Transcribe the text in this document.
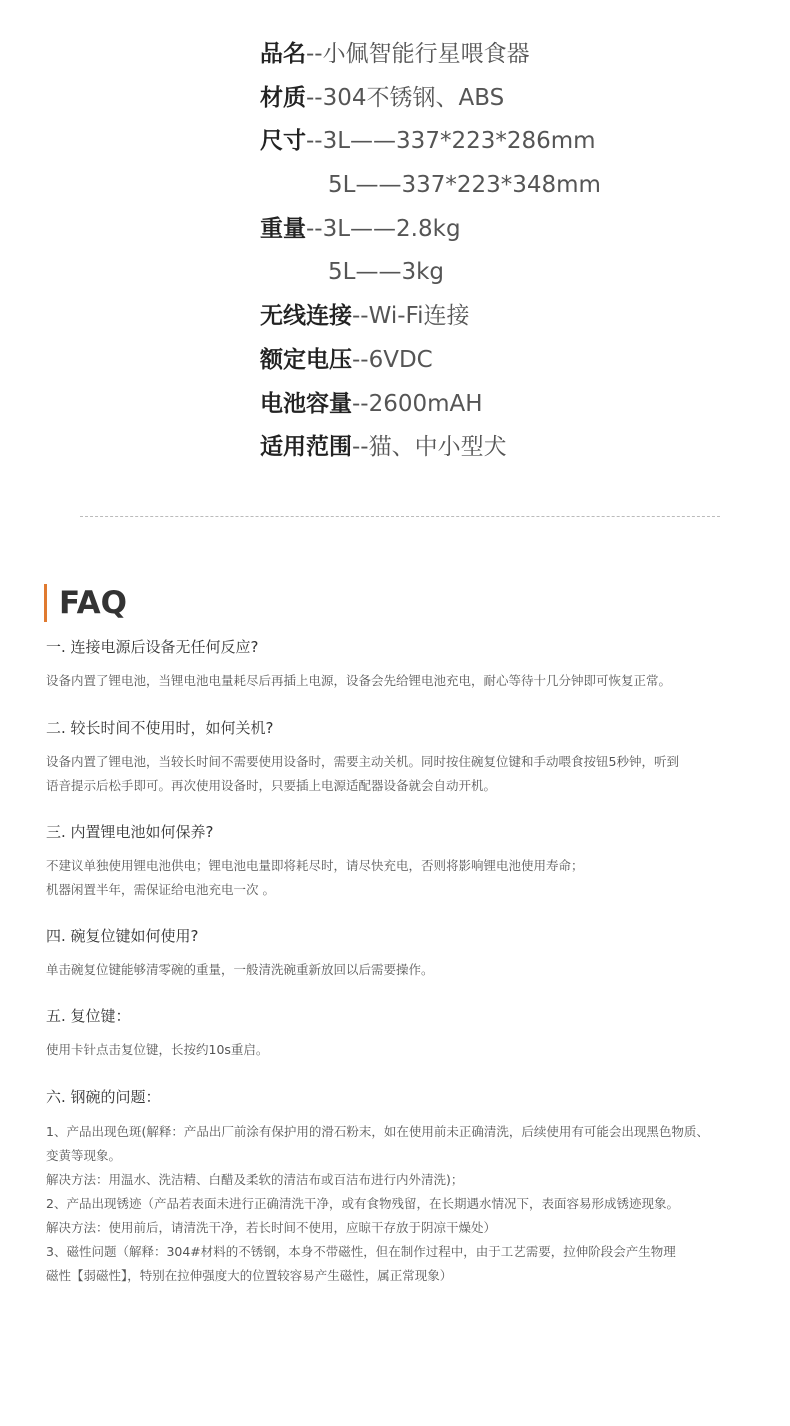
品名--小佩智能行星喂食器
材质--304不锈钢、ABS
尺寸--3L——337*223*286mm
5L——337*223*348mm
重量--3L——2.8kg
5L——3kg
无线连接--Wi-Fi连接
额定电压--6VDC
电池容量--2600mAH
适用范围--猫、中小型犬
FAQ

一. 连接电源后设备无任何反应?

设备内置了锂电池，当锂电池电量耗尽后再插上电源，设备会先给锂电池充电，耐心等待十几分钟即可恢复正常。

二. 较长时间不使用时，如何关机?

设备内置了锂电池，当较长时间不需要使用设备时，需要主动关机。同时按住碗复位键和手动喂食按钮5秒钟，听到
语音提示后松手即可。再次使用设备时，只要插上电源适配器设备就会自动开机。

三. 内置锂电池如何保养?

不建议单独使用锂电池供电；锂电池电量即将耗尽时，请尽快充电，否则将影响锂电池使用寿命；
机器闲置半年，需保证给电池充电一次 。

四. 碗复位键如何使用?

单击碗复位键能够清零碗的重量，一般清洗碗重新放回以后需要操作。

五. 复位键：

使用卡针点击复位键，长按约10s重启。

六. 钢碗的问题：

1、产品出现色斑(解释：产品出厂前涂有保护用的滑石粉末，如在使用前未正确清洗，后续使用有可能会出现黑色物质、
变黄等现象。
解决方法：用温水、洗洁精、白醋及柔软的清洁布或百洁布进行内外清洗)；
2、产品出现锈迹（产品若表面未进行正确清洗干净，或有食物残留，在长期遇水情况下，表面容易形成锈迹现象。
解决方法：使用前后，请清洗干净，若长时间不使用，应晾干存放于阴凉干燥处）
3、磁性问题（解释：304#材料的不锈钢，本身不带磁性，但在制作过程中，由于工艺需要，拉伸阶段会产生物理
磁性【弱磁性】，特别在拉伸强度大的位置较容易产生磁性，属正常现象）
